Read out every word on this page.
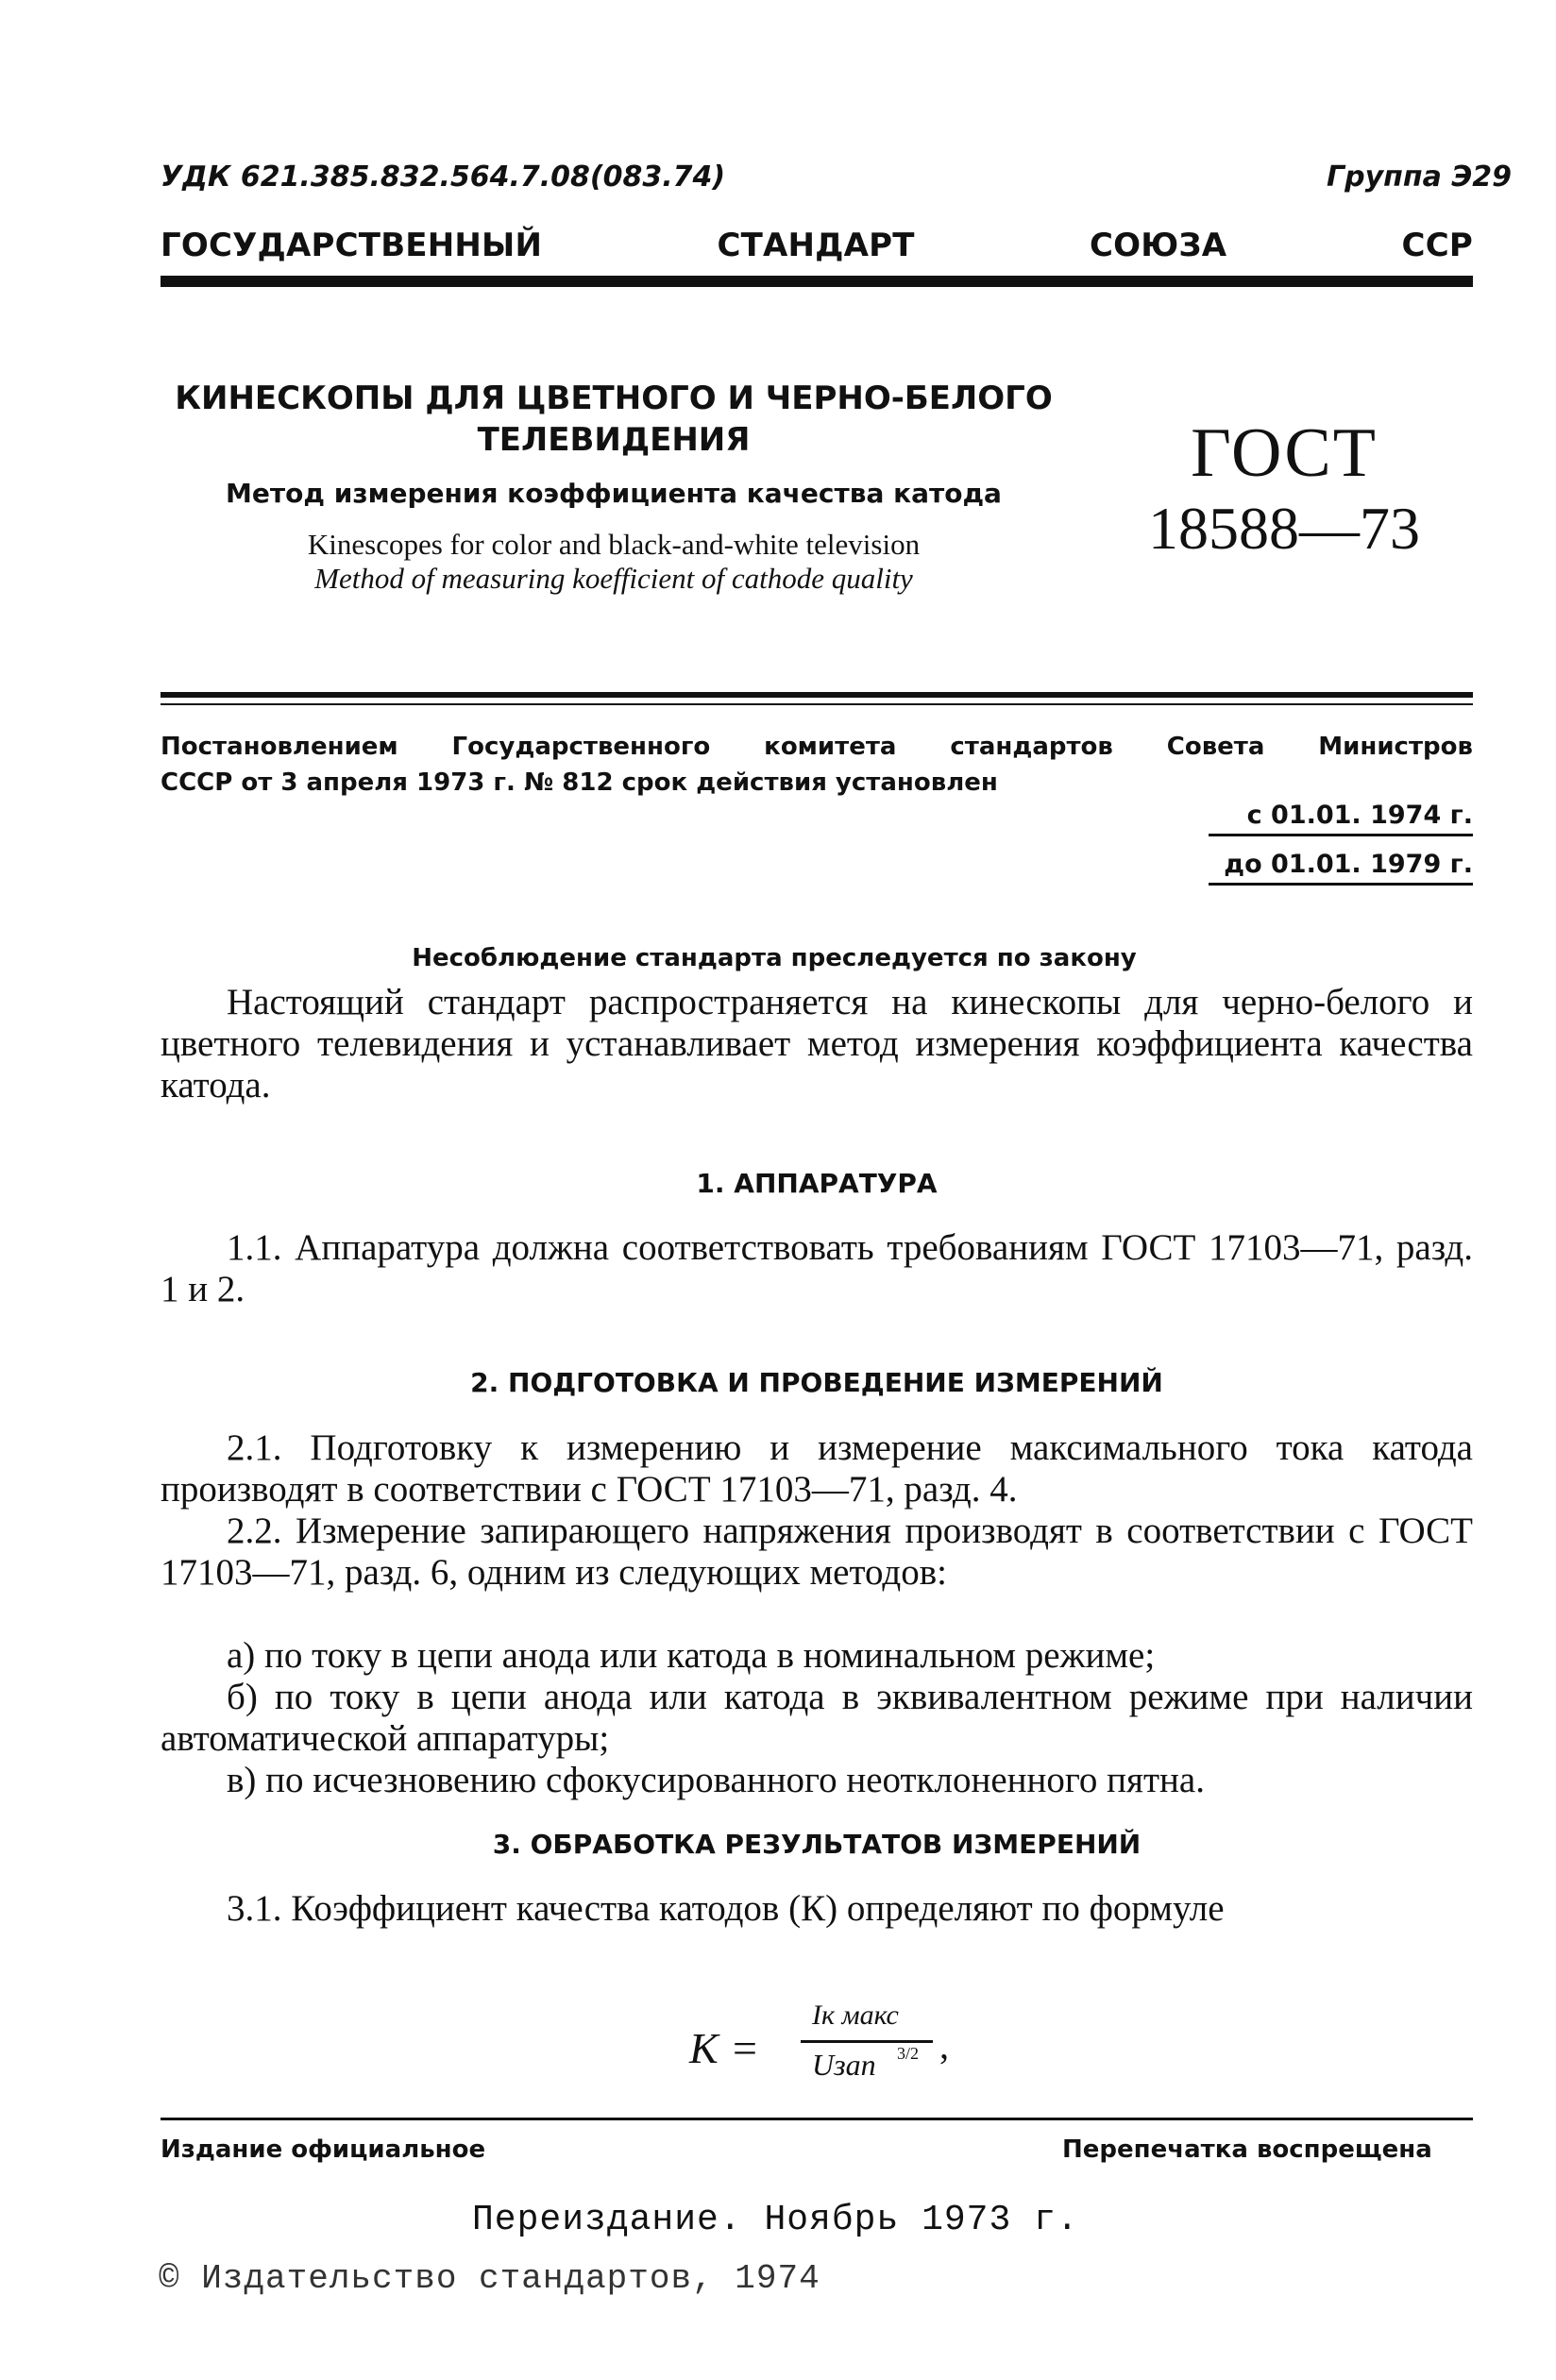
УДК 621.385.832.564.7.08(083.74)	Группа Э29
ГОСУДАРСТВЕННЫЙ	СТАНДАРТ	СОЮЗА	ССР
КИНЕСКОПЫ ДЛЯ ЦВЕТНОГО И ЧЕРНО-БЕЛОГО
ТЕЛЕВИДЕНИЯ
Метод измерения коэффициента качества катода
Kinescopes for color and black-and-white television
Method of measuring koefficient of cathode quality
ГОСТ
18588—73
Постановлением Государственного комитета стандартов Совета Министров
СССР от 3 апреля 1973 г. № 812 срок действия установлен
с 01.01. 1974 г.
до 01.01. 1979 г.
Несоблюдение стандарта преследуется по закону
Настоящий стандарт распространяется на кинескопы для черно-белого и цветного телевидения и устанавливает метод измерения коэффициента качества катода.
1. АППАРАТУРА
1.1. Аппаратура должна соответствовать требованиям ГОСТ 17103—71, разд. 1 и 2.
2. ПОДГОТОВКА И ПРОВЕДЕНИЕ ИЗМЕРЕНИЙ
2.1. Подготовку к измерению и измерение максимального тока катода производят в соответствии с ГОСТ 17103—71, разд. 4.
2.2. Измерение запирающего напряжения производят в соответствии с ГОСТ 17103—71, разд. 6, одним из следующих методов:
а) по току в цепи анода или катода в номинальном режиме;
б) по току в цепи анода или катода в эквивалентном режиме при наличии автоматической аппаратуры;
в) по исчезновению сфокусированного неотклоненного пятна.
3. ОБРАБОТКА РЕЗУЛЬТАТОВ ИЗМЕРЕНИЙ
3.1. Коэффициент качества катодов (К) определяют по формуле
K =
Iк макс
Uзап 3/2 ,
Издание официальное	Перепечатка воспрещена
Переиздание. Ноябрь 1973 г.
© Издательство стандартов, 1974
